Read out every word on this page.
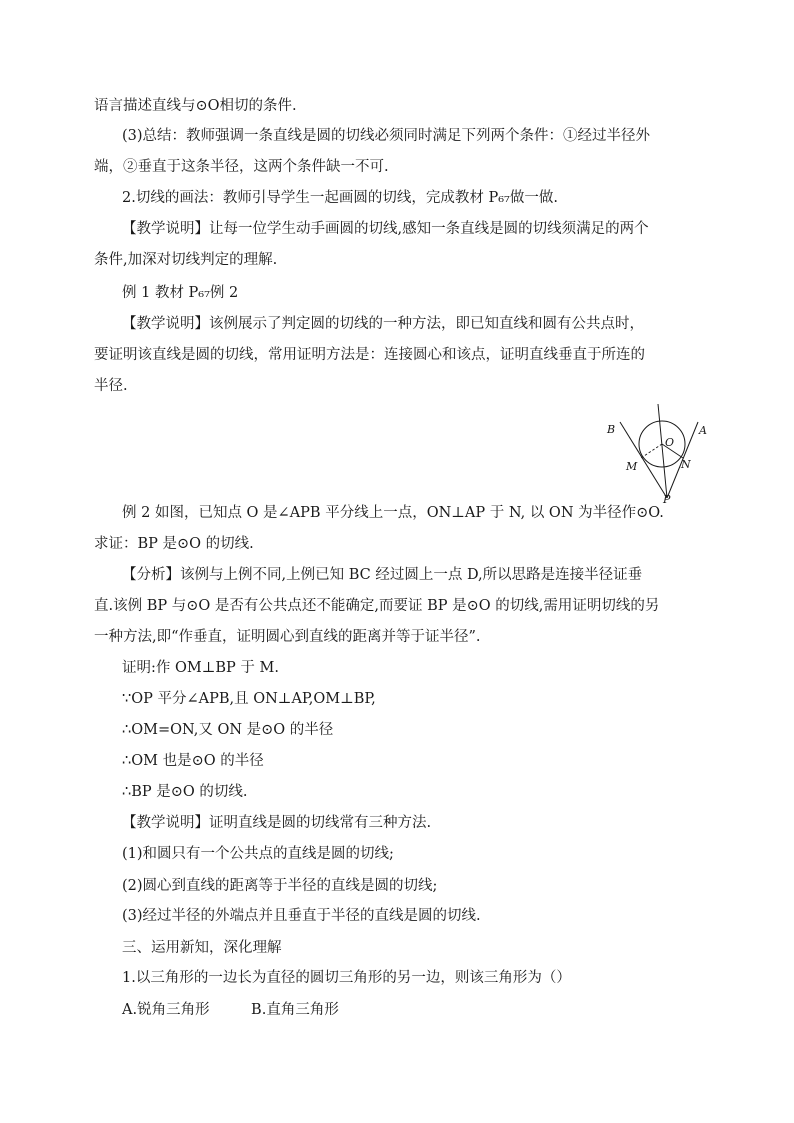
语言描述直线与⊙O相切的条件.
(3)总结：教师强调一条直线是圆的切线必须同时满足下列两个条件：①经过半径外
端，②垂直于这条半径，这两个条件缺一不可.
2.切线的画法：教师引导学生一起画圆的切线，完成教材 P₆₇做一做.
【教学说明】让每一位学生动手画圆的切线,感知一条直线是圆的切线须满足的两个
条件,加深对切线判定的理解.
例 1 教材 P₆₇例 2
【教学说明】该例展示了判定圆的切线的一种方法，即已知直线和圆有公共点时，
要证明该直线是圆的切线，常用证明方法是：连接圆心和该点，证明直线垂直于所连的
半径.
B	A
O
M	N
P
例 2 如图，已知点 O 是∠APB 平分线上一点，ON⊥AP 于 N, 以 ON 为半径作⊙O.
求证：BP 是⊙O 的切线.
【分析】该例与上例不同,上例已知 BC 经过圆上一点 D,所以思路是连接半径证垂
直.该例 BP 与⊙O 是否有公共点还不能确定,而要证 BP 是⊙O 的切线,需用证明切线的另
一种方法,即“作垂直，证明圆心到直线的距离并等于证半径”.
证明:作 OM⊥BP 于 M.
∵OP 平分∠APB,且 ON⊥AP,OM⊥BP,
∴OM=ON,又 ON 是⊙O 的半径
∴OM 也是⊙O 的半径
∴BP 是⊙O 的切线.
【教学说明】证明直线是圆的切线常有三种方法.
(1)和圆只有一个公共点的直线是圆的切线;
(2)圆心到直线的距离等于半径的直线是圆的切线;
(3)经过半径的外端点并且垂直于半径的直线是圆的切线.
三、运用新知，深化理解
1.以三角形的一边长为直径的圆切三角形的另一边，则该三角形为（）
A.锐角三角形         B.直角三角形
